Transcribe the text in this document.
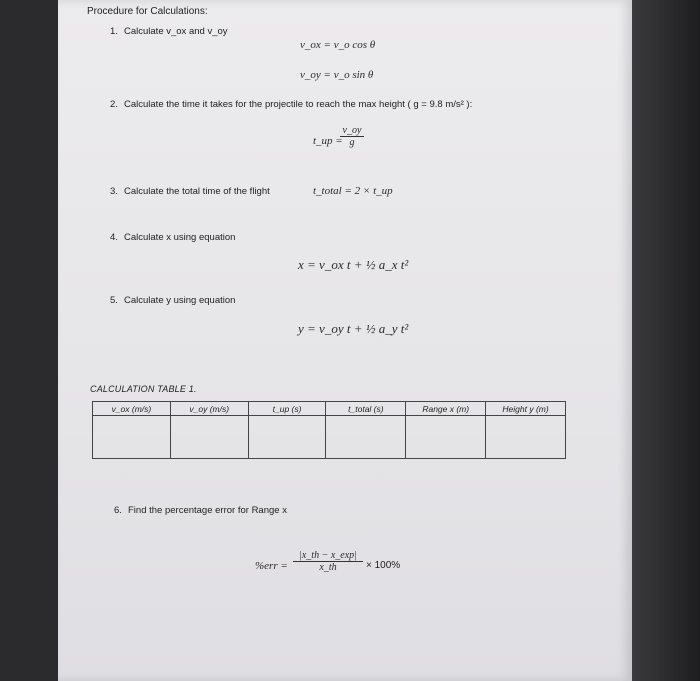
Procedure for Calculations:
1. Calculate v_ox and v_oy
v_ox = v_o cos θ
v_oy = v_o sin θ
2. Calculate the time it takes for the projectile to reach the max height ( g = 9.8 m/s² ):
t_up =
$\frac{v\_oy}{g}$
3. Calculate the total time of the flight	t_total = 2 × t_up
4. Calculate x using equation
x = v_ox t + ½ a_x t²
5. Calculate y using equation
y = v_oy t + ½ a_y t²
CALCULATION TABLE 1.
v_ox (m/s)	v_oy (m/s)	t_up (s)	t_total (s)	Range x (m)	Height y (m)

6. Find the percentage error for Range x
$\%err = \frac{|x\_th - x\_\exp|}{x\_th} \times 100\%$
